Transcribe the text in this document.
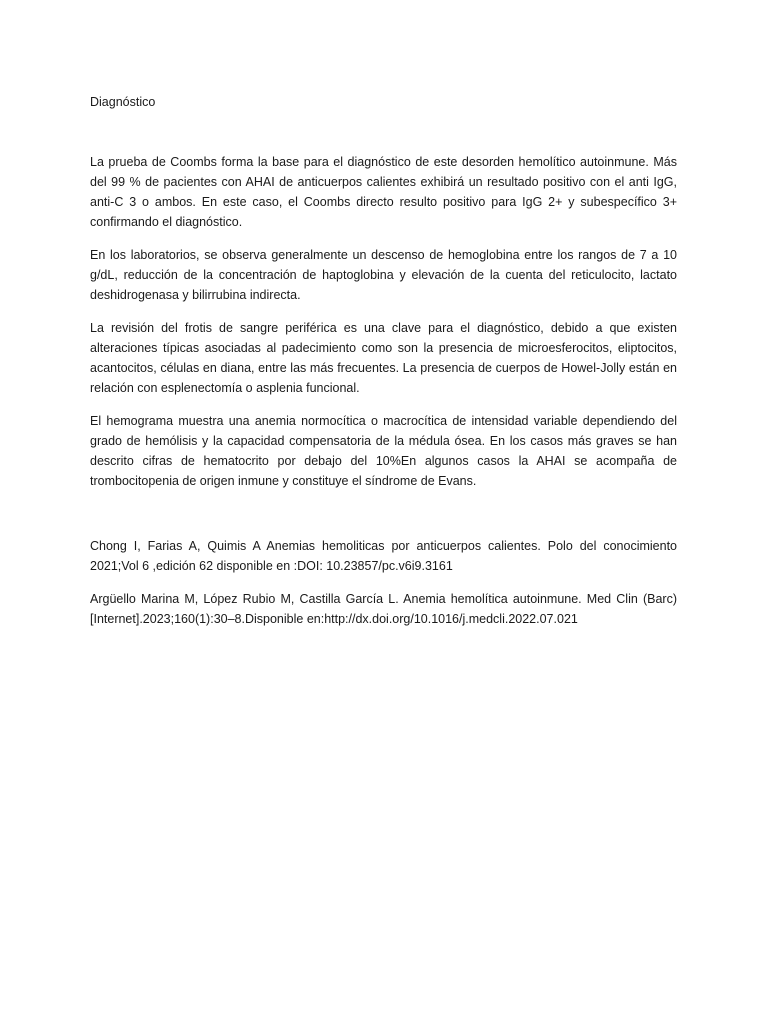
Diagnóstico

La prueba de Coombs forma la base para el diagnóstico de este desorden hemolítico autoinmune. Más del 99 % de pacientes con AHAI de anticuerpos calientes exhibirá un resultado positivo con el anti IgG, anti-C 3 o ambos. En este caso, el Coombs directo resulto positivo para IgG 2+ y subespecífico 3+ confirmando el diagnóstico.

En los laboratorios, se observa generalmente un descenso de hemoglobina entre los rangos de 7 a 10 g/dL, reducción de la concentración de haptoglobina y elevación de la cuenta del reticulocito, lactato deshidrogenasa y bilirrubina indirecta.

La revisión del frotis de sangre periférica es una clave para el diagnóstico, debido a que existen alteraciones típicas asociadas al padecimiento como son la presencia de microesferocitos, eliptocitos, acantocitos, células en diana, entre las más frecuentes. La presencia de cuerpos de Howel-Jolly están en relación con esplenectomía o asplenia funcional.

El hemograma muestra una anemia normocítica o macrocítica de intensidad variable dependiendo del grado de hemólisis y la capacidad compensatoria de la médula ósea. En los casos más graves se han descrito cifras de hematocrito por debajo del 10%En algunos casos la AHAI se acompaña de trombocitopenia de origen inmune y constituye el síndrome de Evans.

Chong I, Farias A, Quimis A Anemias hemoliticas por anticuerpos calientes. Polo del conocimiento 2021;Vol 6 ,edición 62 disponible en :DOI: 10.23857/pc.v6i9.3161

Argüello Marina M, López Rubio M, Castilla García L. Anemia hemolítica autoinmune. Med Clin (Barc) [Internet].2023;160(1):30–8.Disponible en:http://dx.doi.org/10.1016/j.medcli.2022.07.021
